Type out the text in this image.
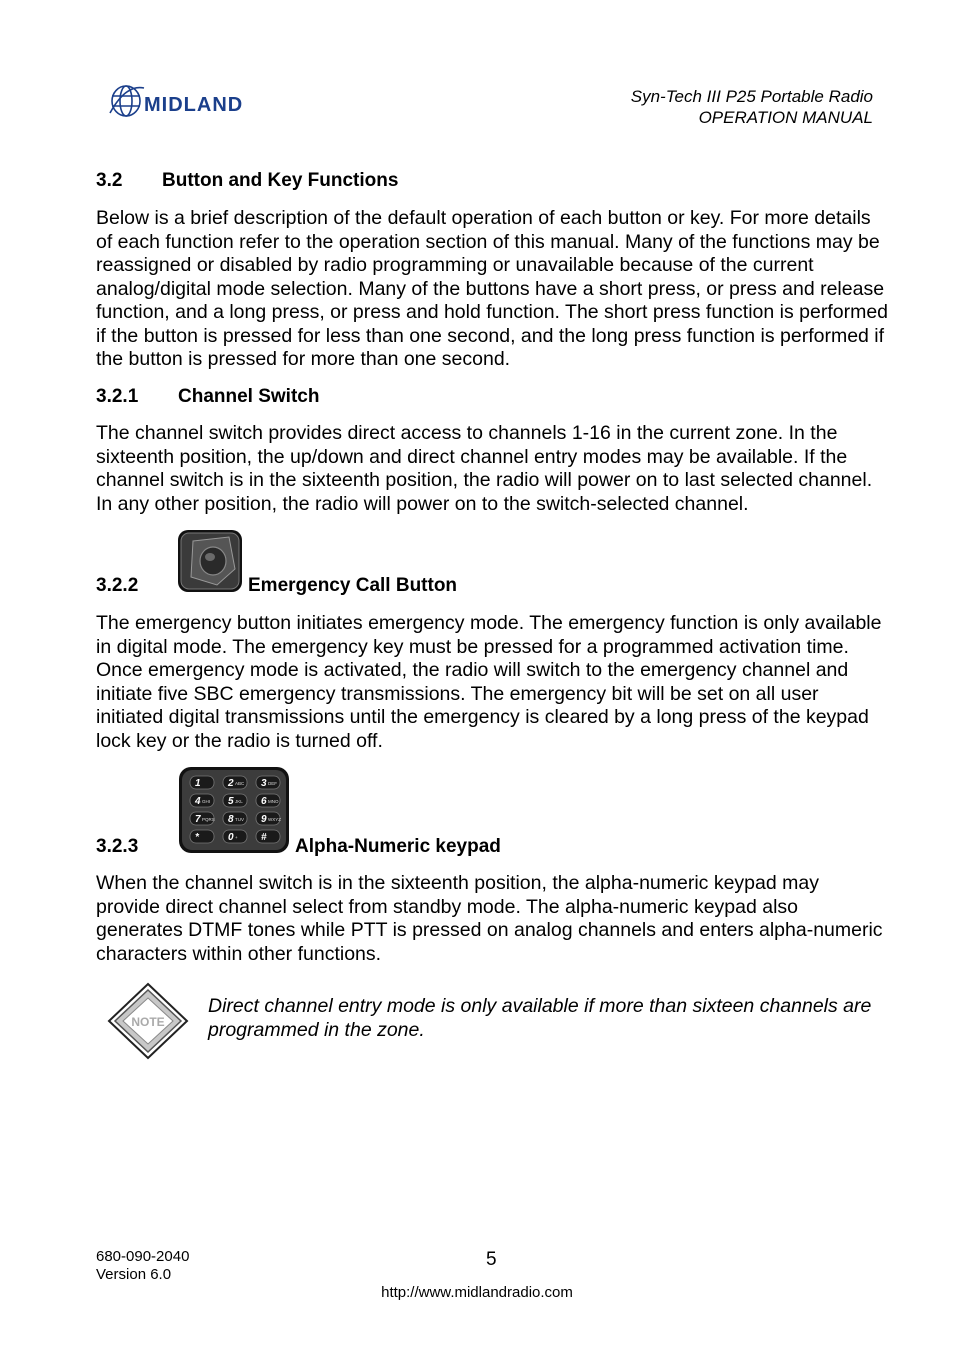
MIDLAND	Syn-Tech III P25 Portable Radio
OPERATION MANUAL
3.2 Button and Key Functions

Below is a brief description of the default operation of each button or key. For more details of each function refer to the operation section of this manual. Many of the functions may be reassigned or disabled by radio programming or unavailable because of the current analog/digital mode selection. Many of the buttons have a short press, or press and release function, and a long press, or press and hold function. The short press function is performed if the button is pressed for less than one second, and the long press function is performed if the button is pressed for more than one second.

3.2.1 Channel Switch

The channel switch provides direct access to channels 1-16 in the current zone. In the sixteenth position, the up/down and direct channel entry modes may be available. If the channel switch is in the sixteenth position, the radio will power on to last selected channel. In any other position, the radio will power on to the switch-selected channel.

3.2.2	Emergency Call Button

The emergency button initiates emergency mode. The emergency function is only available in digital mode. The emergency key must be pressed for a programmed activation time. Once emergency mode is activated, the radio will switch to the emergency channel and initiate five SBC emergency transmissions. The emergency bit will be set on all user initiated digital transmissions until the emergency is cleared by a long press of the keypad lock key or the radio is turned off.

1	2 ABC 3 DEF
4 GHI 5 JKL 6 MNO
7 PQRS 8 TUV 9 WXYZ
*	0 + #
3.2.3	Alpha-Numeric keypad

When the channel switch is in the sixteenth position, the alpha-numeric keypad may provide direct channel select from standby mode. The alpha-numeric keypad also generates DTMF tones while PTT is pressed on analog channels and enters alpha-numeric characters within other functions.

NOTE
Direct channel entry mode is only available if more than sixteen channels are programmed in the zone.
680-090-2040
Version 6.0
5
http://www.midlandradio.com
